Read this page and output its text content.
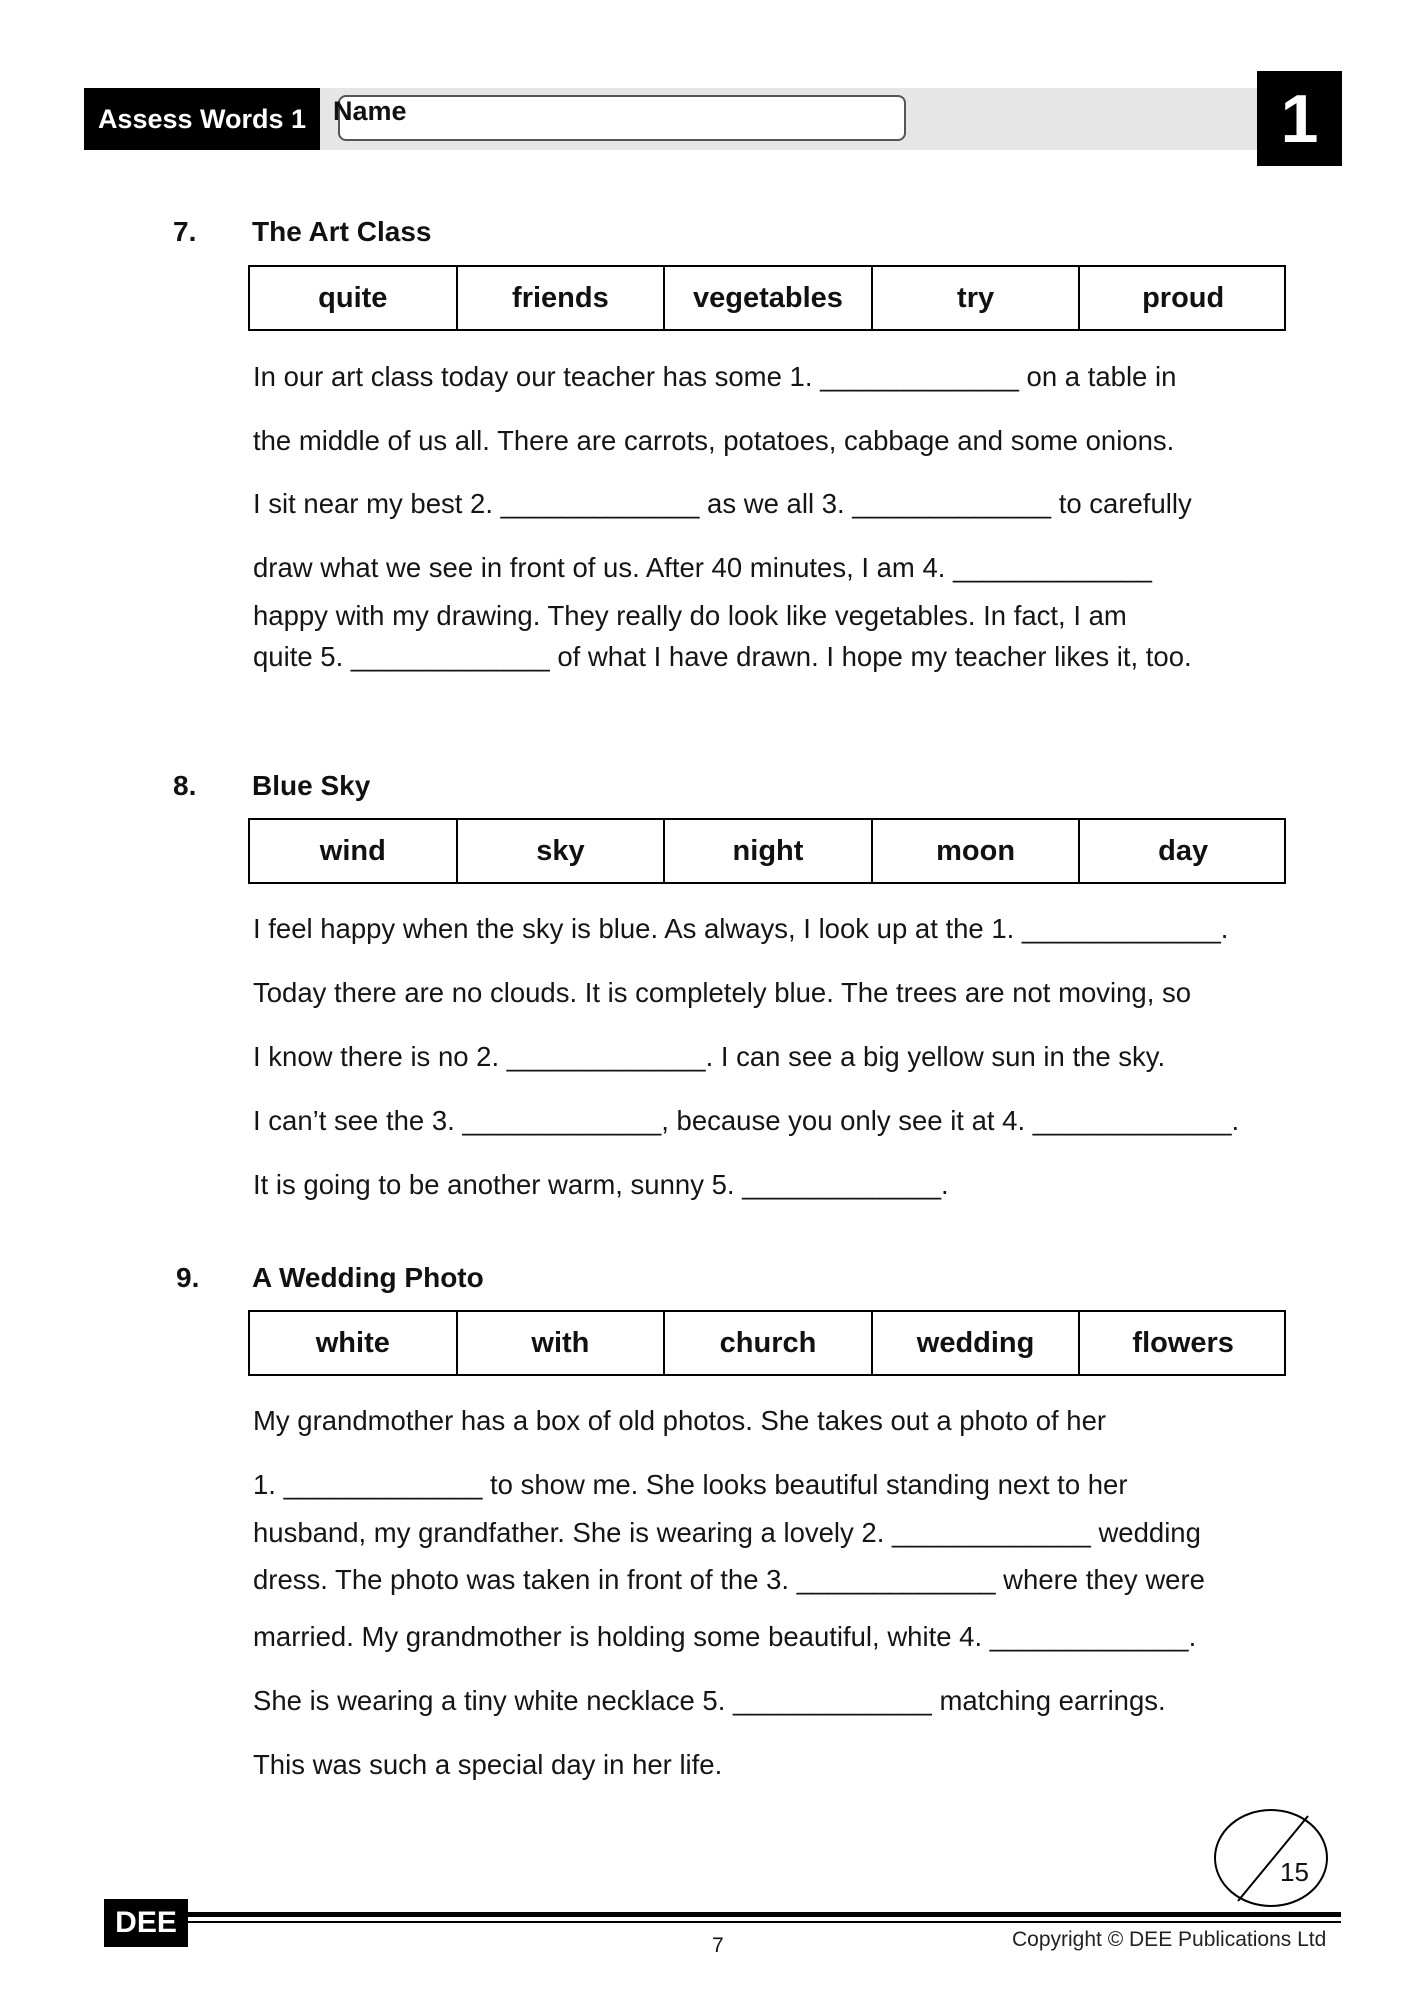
Assess Words 1 Name	1
7. The Art Class
quite	friends	vegetables	try	proud
In our art class today our teacher has some 1. _____________ on a table in
the middle of us all. There are carrots, potatoes, cabbage and some onions.
I sit near my best 2. _____________ as we all 3. _____________ to carefully
draw what we see in front of us. After 40 minutes, I am 4. _____________
happy with my drawing. They really do look like vegetables. In fact, I am
quite 5. _____________ of what I have drawn. I hope my teacher likes it, too.
8. Blue Sky
wind	sky	night	moon	day
I feel happy when the sky is blue. As always, I look up at the 1. _____________.
Today there are no clouds. It is completely blue. The trees are not moving, so
I know there is no 2. _____________. I can see a big yellow sun in the sky.
I can’t see the 3. _____________, because you only see it at 4. _____________.
It is going to be another warm, sunny 5. _____________.
9. A Wedding Photo
white	with	church	wedding	flowers
My grandmother has a box of old photos. She takes out a photo of her
1. _____________ to show me. She looks beautiful standing next to her
husband, my grandfather. She is wearing a lovely 2. _____________ wedding
dress. The photo was taken in front of the 3. _____________ where they were
married. My grandmother is holding some beautiful, white 4. _____________.
She is wearing a tiny white necklace 5. _____________ matching earrings.
This was such a special day in her life.
15
DEE
7	Copyright © DEE Publications Ltd
